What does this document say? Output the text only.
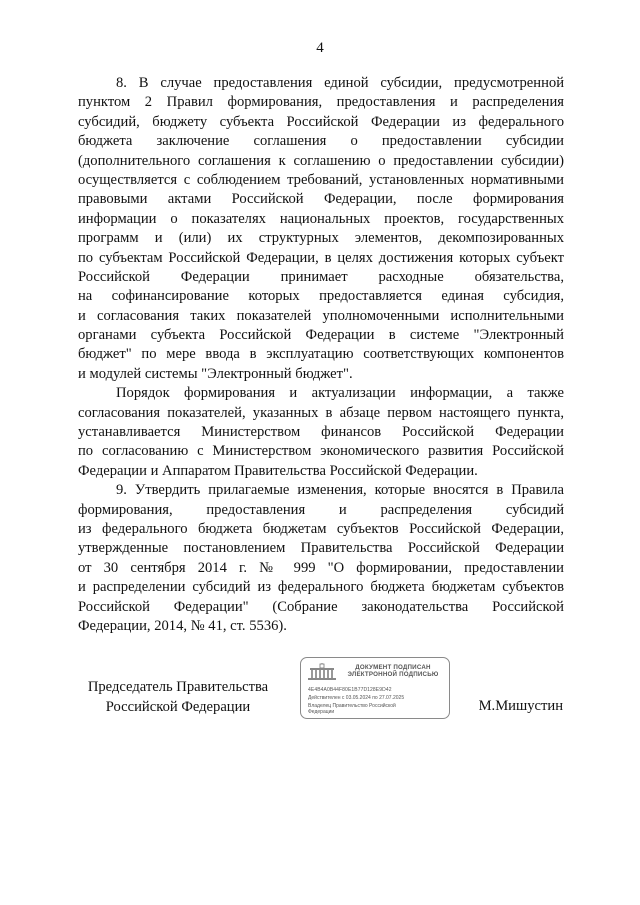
4
8. В случае предоставления единой субсидии, предусмотренной
пунктом 2 Правил формирования, предоставления и распределения
субсидий, бюджету субъекта Российской Федерации из федерального
бюджета заключение соглашения о предоставлении субсидии
(дополнительного соглашения к соглашению о предоставлении субсидии)
осуществляется с соблюдением требований, установленных нормативными
правовыми актами Российской Федерации, после формирования
информации о показателях национальных проектов, государственных
программ и (или) их структурных элементов, декомпозированных
по субъектам Российской Федерации, в целях достижения которых субъект
Российской Федерации принимает расходные обязательства,
на софинансирование которых предоставляется единая субсидия,
и согласования таких показателей уполномоченными исполнительными
органами субъекта Российской Федерации в системе "Электронный
бюджет" по мере ввода в эксплуатацию соответствующих компонентов
и модулей системы "Электронный бюджет".
Порядок формирования и актуализации информации, а также
согласования показателей, указанных в абзаце первом настоящего пункта,
устанавливается Министерством финансов Российской Федерации
по согласованию с Министерством экономического развития Российской
Федерации и Аппаратом Правительства Российской Федерации.
9. Утвердить прилагаемые изменения, которые вносятся в Правила
формирования, предоставления и распределения субсидий
из федерального бюджета бюджетам субъектов Российской Федерации,
утвержденные постановлением Правительства Российской Федерации
от 30 сентября 2014 г. № 999 "О формировании, предоставлении
и распределении субсидий из федерального бюджета бюджетам субъектов
Российской Федерации" (Собрание законодательства Российской
Федерации, 2014, № 41, ст. 5536).
Председатель Правительства
Российской Федерации
ДОКУМЕНТ ПОДПИСАН
ЭЛЕКТРОННОЙ ПОДПИСЬЮ
4E4B4A0B44F80E1B77D128E9D42
Действителен с 03.05.2024 по 27.07.2025
Владелец Правительство Российской
Федерации	М.Мишустин
